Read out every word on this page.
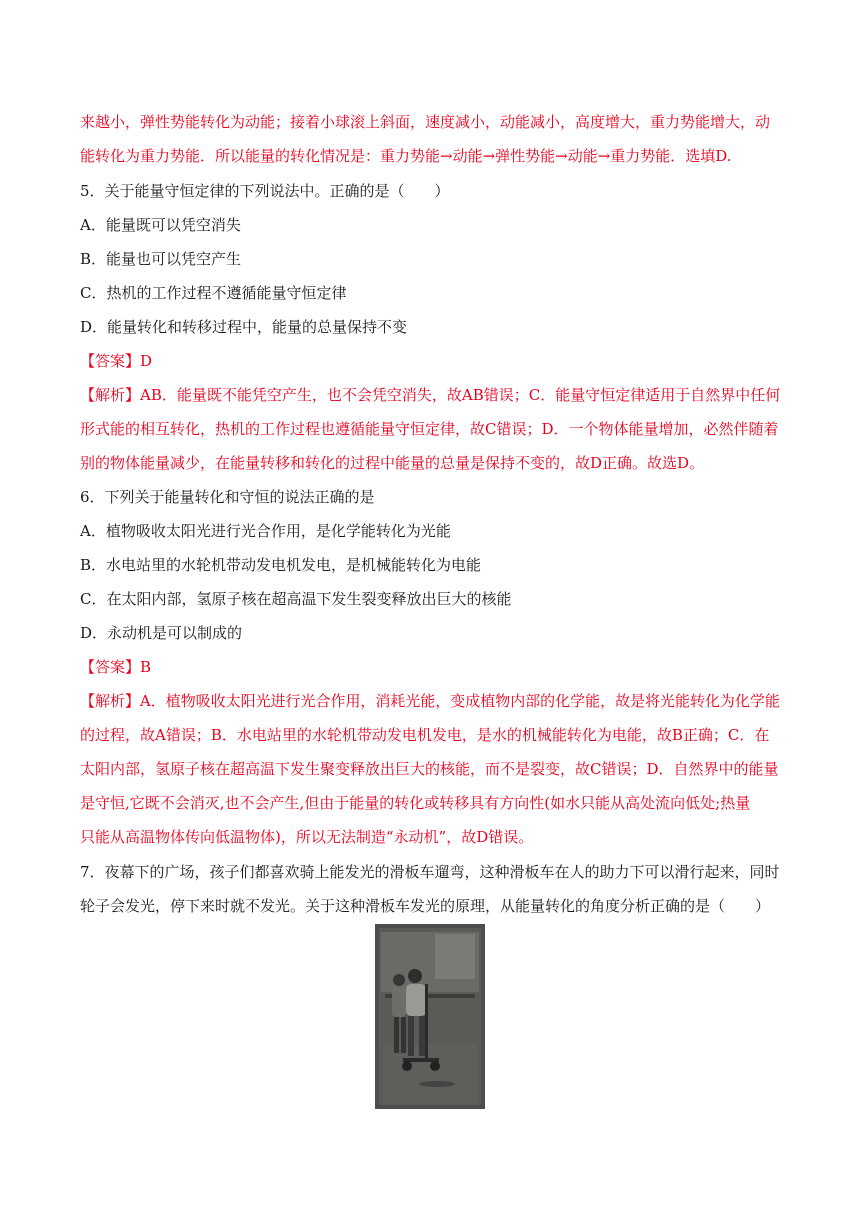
来越小，弹性势能转化为动能；接着小球滚上斜面，速度减小，动能减小，高度增大，重力势能增大，动
能转化为重力势能．所以能量的转化情况是：重力势能→动能→弹性势能→动能→重力势能．选填D.
5．关于能量守恒定律的下列说法中。正确的是（　　）
A．能量既可以凭空消失
B．能量也可以凭空产生
C．热机的工作过程不遵循能量守恒定律
D．能量转化和转移过程中，能量的总量保持不变
【答案】D
【解析】AB．能量既不能凭空产生，也不会凭空消失，故AB错误；C．能量守恒定律适用于自然界中任何
形式能的相互转化，热机的工作过程也遵循能量守恒定律，故C错误；D．一个物体能量增加，必然伴随着
别的物体能量减少，在能量转移和转化的过程中能量的总量是保持不变的，故D正确。故选D。
6．下列关于能量转化和守恒的说法正确的是
A．植物吸收太阳光进行光合作用，是化学能转化为光能
B．水电站里的水轮机带动发电机发电，是机械能转化为电能
C．在太阳内部，氢原子核在超高温下发生裂变释放出巨大的核能
D．永动机是可以制成的
【答案】B
【解析】A．植物吸收太阳光进行光合作用，消耗光能，变成植物内部的化学能，故是将光能转化为化学能
的过程，故A错误；B．水电站里的水轮机带动发电机发电，是水的机械能转化为电能，故B正确；C．在
太阳内部，氢原子核在超高温下发生聚变释放出巨大的核能，而不是裂变，故C错误；D．自然界中的能量
是守恒,它既不会消灭,也不会产生,但由于能量的转化或转移具有方向性(如水只能从高处流向低处;热量
只能从高温物体传向低温物体)，所以无法制造“永动机”，故D错误。
7．夜幕下的广场，孩子们都喜欢骑上能发光的滑板车遛弯，这种滑板车在人的助力下可以滑行起来，同时
轮子会发光，停下来时就不发光。关于这种滑板车发光的原理，从能量转化的角度分析正确的是（　　）
